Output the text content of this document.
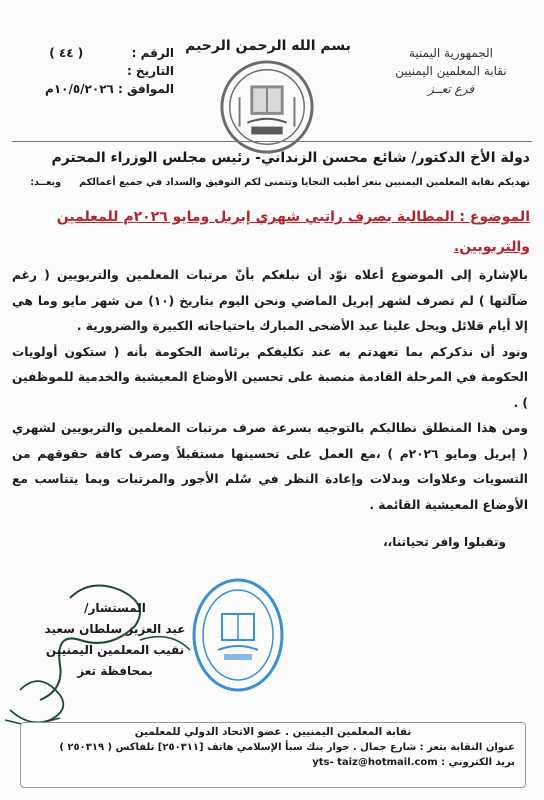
الجمهورية اليمنية
نقابة المعلمين اليمنيين
فرع تعــز
بسم الله الرحمن الرحيم
الرقم :  ( ٤٤ )
التاريخ :
الموافق : ١٠/٥/٢٠٢٦م
دولة الأخ الدكتور/ شائع محسن الزنداني- رئيس مجلس الوزراء المحترم
تهديكم نقابة المعلمين اليمنيين بتعز أطيب التحايا وتتمنى لكم التوفيق والسداد في جميع أعمالكموبعــد:
الموضوع : المطالبة بصرف راتبي شهري إبريل ومايو ٢٠٢٦م للمعلمين والتربويين.

بالإشارة إلى الموضوع أعلاه نوّد أن نبلغكم بأنّ مرتبات المعلمين والتربويين ( رغم ضآلتها ) لم تصرف لشهر إبريل الماضي ونحن اليوم بتاريخ (١٠) من شهر مايو وما هي إلا أيام قلائل ويحل علينا عيد الأضحى المبارك باحتياجاته الكبيرة والضرورية .

ونود أن نذكركم بما تعهدتم به عند تكليفكم برئاسة الحكومة بأنه ( ستكون أولويات الحكومة في المرحلة القادمة منصبة على تحسين الأوضاع المعيشية والخدمية للموظفين ) .

ومن هذا المنطلق نطالبكم بالتوجيه بسرعة صرف مرتبات المعلمين والتربويين لشهري ( إبريل ومايو ٢٠٢٦م ) ،مع العمل على تحسينها مستقبلاً وصرف كافة حقوقهم من التسويات وعلاوات وبدلات وإعادة النظر في سُلم الأجور والمرتبات وبما يتناسب مع الأوضاع المعيشية القائمة .

وتقبلوا وافر تحياتنا،،
المستشار/
عبد العزيز سلطان سعيد
نقيب المعلمين اليمنيين بمحافظة تعز
نقابة المعلمين اليمنيين . عضو الاتحاد الدولي للمعلمين
عنوان النقابة بتعز : شارع جمال . جوار بنك سبأ الإسلامي هاتف [٢٥٠٣١١] تلفاكس ( ٢٥٠٣١٩ )
بريد الكتروني : yts- taiz@hotmail.com
